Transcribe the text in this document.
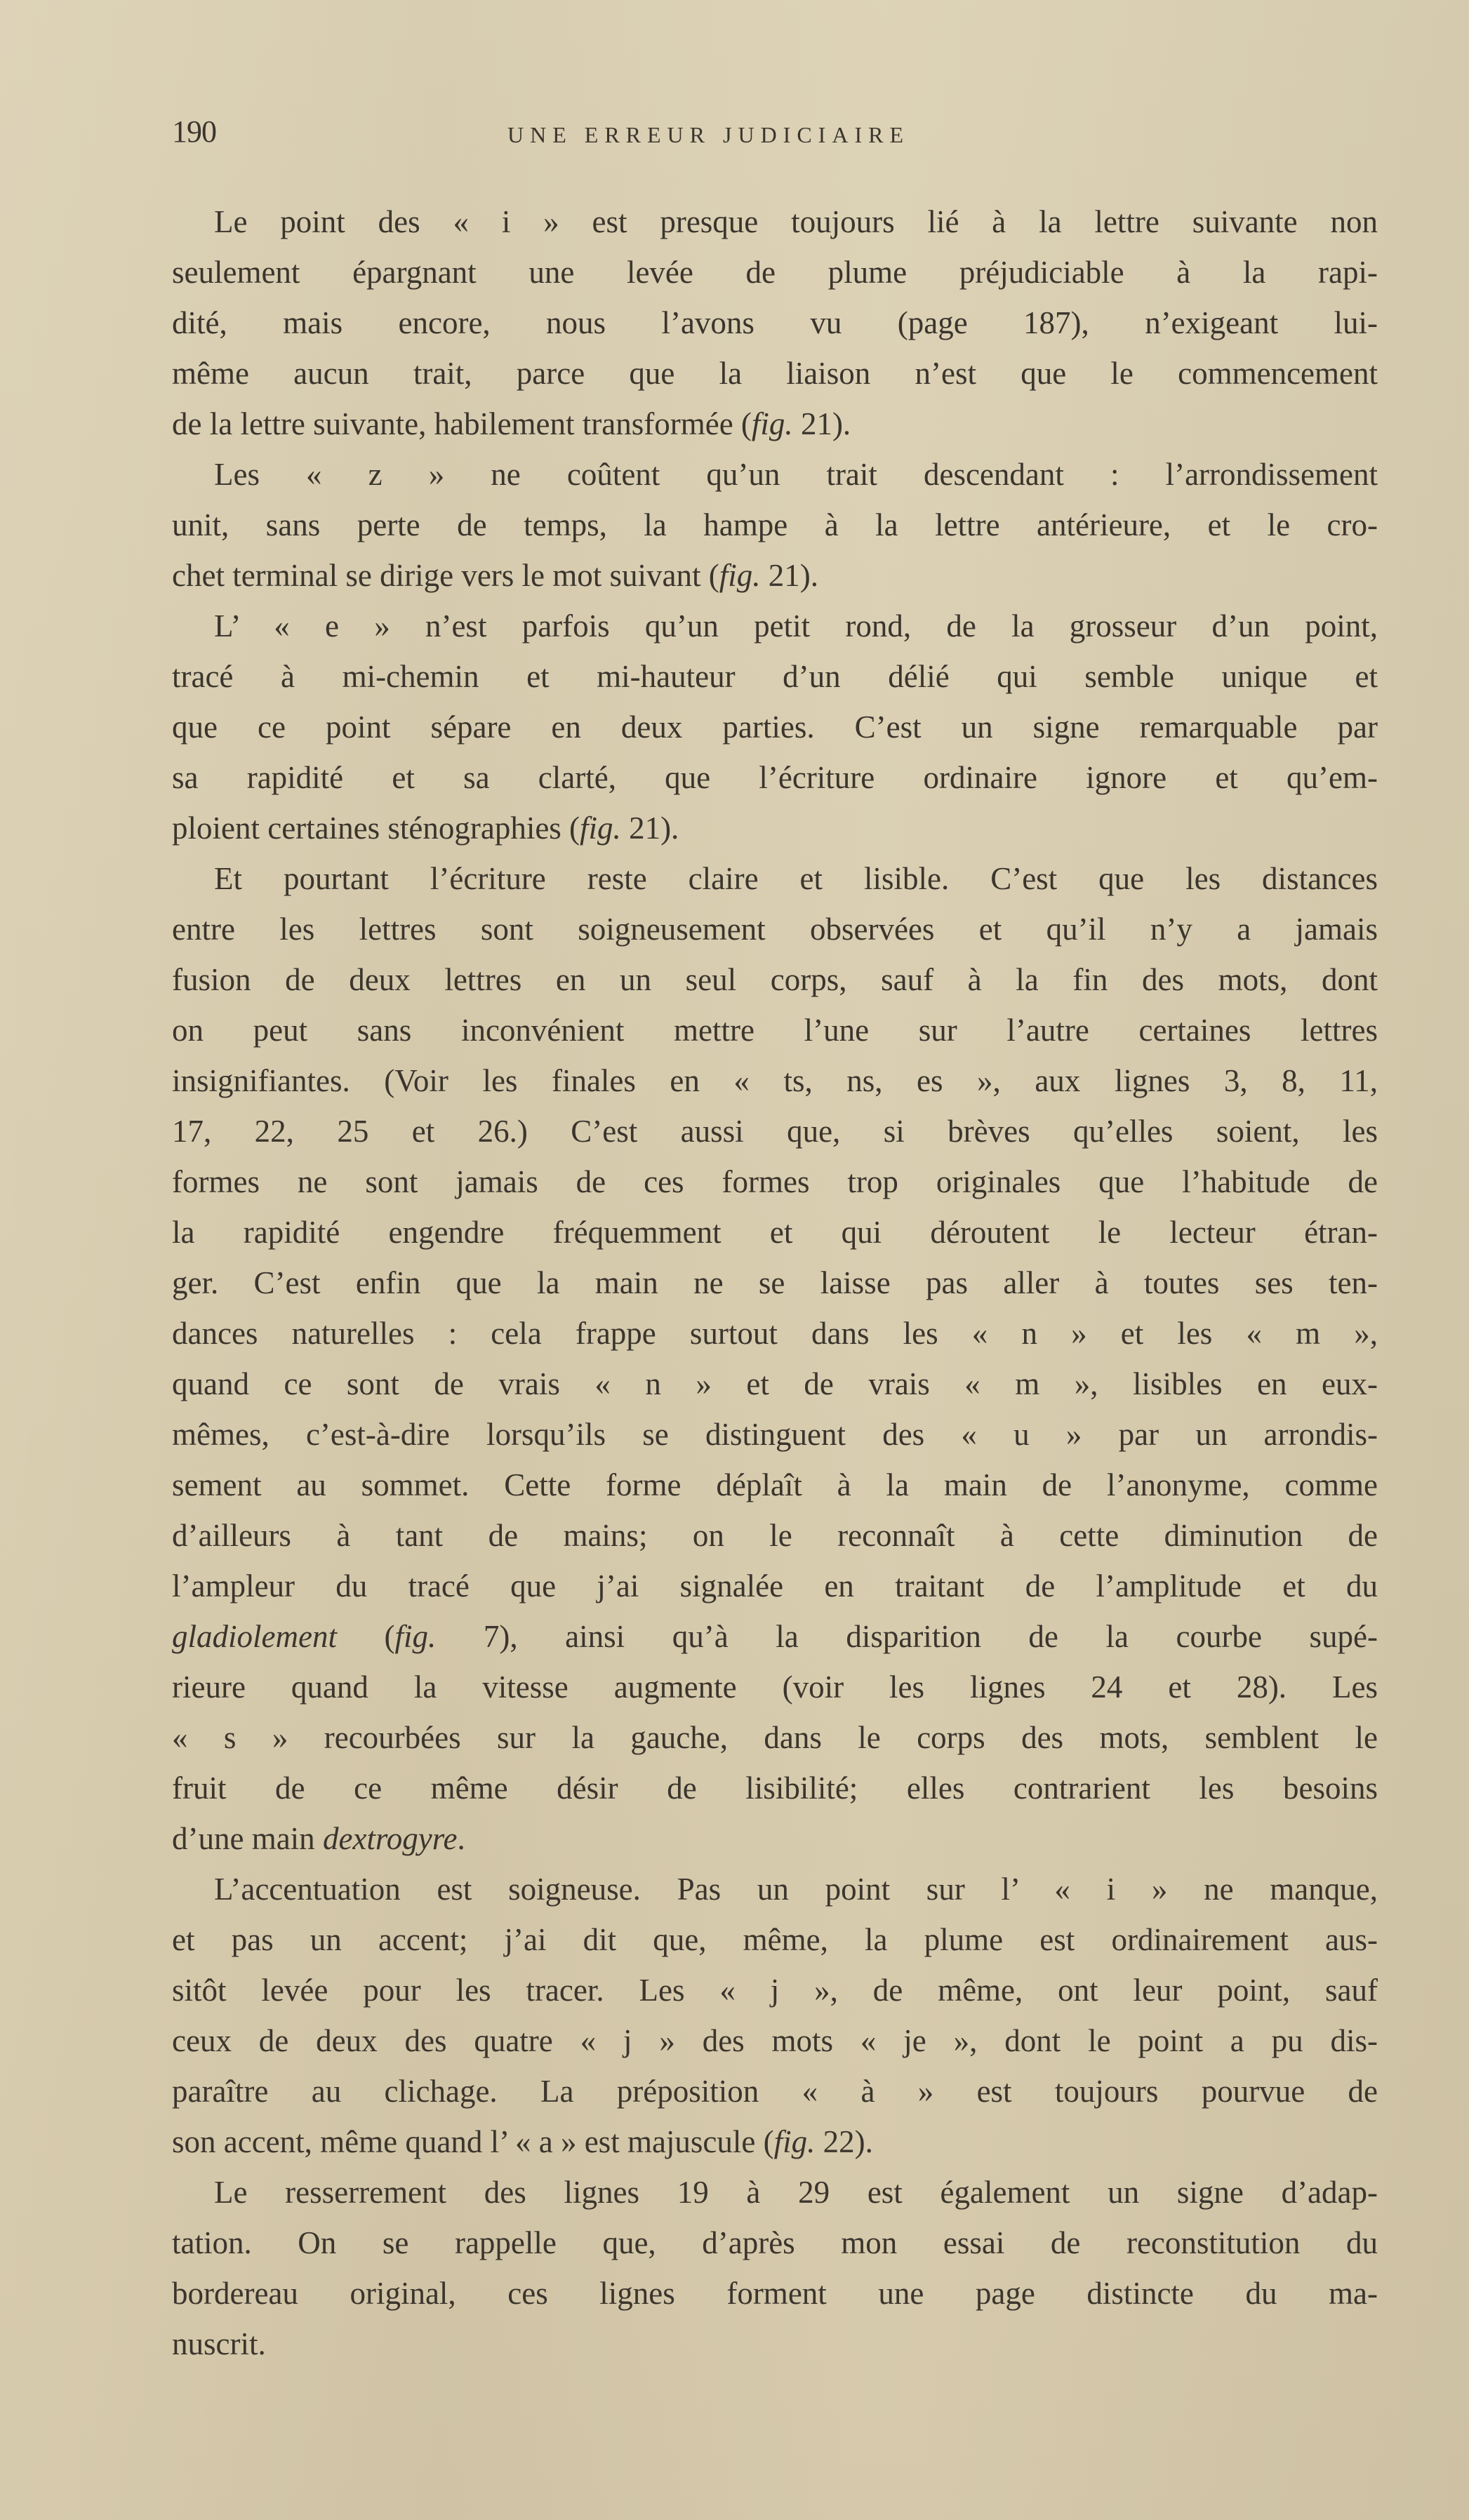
190	UNE ERREUR JUDICIAIRE

Le point des « i » est presque toujours lié à la lettre suivante non
seulement épargnant une levée de plume préjudiciable à la rapi-
dité, mais encore, nous l’avons vu (page 187), n’exigeant lui-
même aucun trait, parce que la liaison n’est que le commencement
de la lettre suivante, habilement transformée (fig. 21).

Les « z » ne coûtent qu’un trait descendant : l’arrondissement
unit, sans perte de temps, la hampe à la lettre antérieure, et le cro-
chet terminal se dirige vers le mot suivant (fig. 21).

L’ « e » n’est parfois qu’un petit rond, de la grosseur d’un point,
tracé à mi-chemin et mi-hauteur d’un délié qui semble unique et
que ce point sépare en deux parties. C’est un signe remarquable par
sa rapidité et sa clarté, que l’écriture ordinaire ignore et qu’em-
ploient certaines sténographies (fig. 21).

Et pourtant l’écriture reste claire et lisible. C’est que les distances
entre les lettres sont soigneusement observées et qu’il n’y a jamais
fusion de deux lettres en un seul corps, sauf à la fin des mots, dont
on peut sans inconvénient mettre l’une sur l’autre certaines lettres
insignifiantes. (Voir les finales en « ts, ns, es », aux lignes 3, 8, 11,
17, 22, 25 et 26.) C’est aussi que, si brèves qu’elles soient, les
formes ne sont jamais de ces formes trop originales que l’habitude de
la rapidité engendre fréquemment et qui déroutent le lecteur étran-
ger. C’est enfin que la main ne se laisse pas aller à toutes ses ten-
dances naturelles : cela frappe surtout dans les « n » et les « m »,
quand ce sont de vrais « n » et de vrais « m », lisibles en eux-
mêmes, c’est-à-dire lorsqu’ils se distinguent des « u » par un arrondis-
sement au sommet. Cette forme déplaît à la main de l’anonyme, comme
d’ailleurs à tant de mains; on le reconnaît à cette diminution de
l’ampleur du tracé que j’ai signalée en traitant de l’amplitude et du
gladiolement (fig. 7), ainsi qu’à la disparition de la courbe supé-
rieure quand la vitesse augmente (voir les lignes 24 et 28). Les
« s » recourbées sur la gauche, dans le corps des mots, semblent le
fruit de ce même désir de lisibilité; elles contrarient les besoins
d’une main dextrogyre.

L’accentuation est soigneuse. Pas un point sur l’ « i » ne manque,
et pas un accent; j’ai dit que, même, la plume est ordinairement aus-
sitôt levée pour les tracer. Les « j », de même, ont leur point, sauf
ceux de deux des quatre « j » des mots « je », dont le point a pu dis-
paraître au clichage. La préposition « à » est toujours pourvue de
son accent, même quand l’ « a » est majuscule (fig. 22).

Le resserrement des lignes 19 à 29 est également un signe d’adap-
tation. On se rappelle que, d’après mon essai de reconstitution du
bordereau original, ces lignes forment une page distincte du ma-
nuscrit.
